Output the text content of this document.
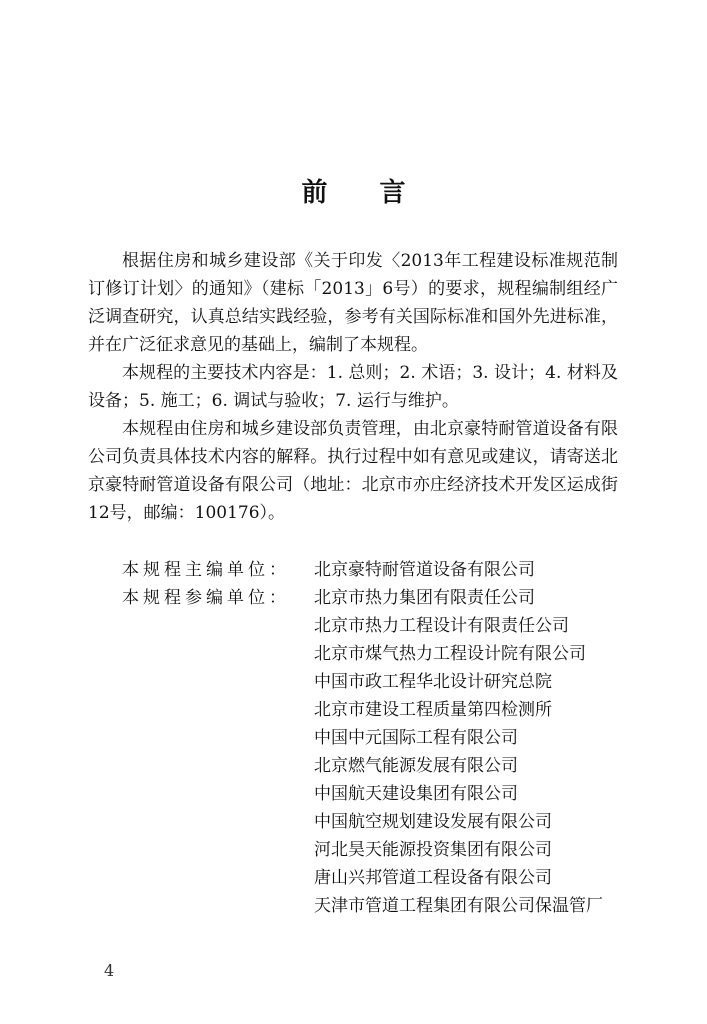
前言

根据住房和城乡建设部《关于印发〈2013年工程建设标准规范制订修订计划〉的通知》（建标「2013」6号）的要求，规程编制组经广泛调查研究，认真总结实践经验，参考有关国际标准和国外先进标准，并在广泛征求意见的基础上，编制了本规程。

本规程的主要技术内容是：1. 总则；2. 术语；3. 设计；4. 材料及设备；5. 施工；6. 调试与验收；7. 运行与维护。

本规程由住房和城乡建设部负责管理，由北京豪特耐管道设备有限公司负责具体技术内容的解释。执行过程中如有意见或建议，请寄送北京豪特耐管道设备有限公司（地址：北京市亦庄经济技术开发区运成街12号，邮编：100176）。

本规程主编单位：	北京豪特耐管道设备有限公司
本规程参编单位：	北京市热力集团有限责任公司
北京市热力工程设计有限责任公司
北京市煤气热力工程设计院有限公司
中国市政工程华北设计研究总院
北京市建设工程质量第四检测所
中国中元国际工程有限公司
北京燃气能源发展有限公司
中国航天建设集团有限公司
中国航空规划建设发展有限公司
河北昊天能源投资集团有限公司
唐山兴邦管道工程设备有限公司
天津市管道工程集团有限公司保温管厂
4
